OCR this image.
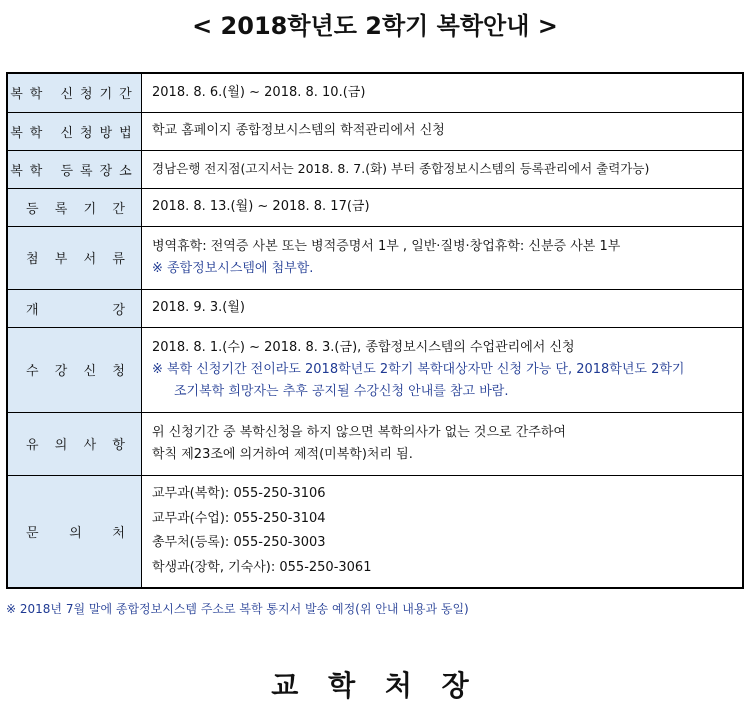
< 2018학년도 2학기 복학안내 >
복학 신청기간	2018. 8. 6.(월) ~ 2018. 8. 10.(금)
복학 신청방법	학교 홈페이지 종합정보시스템의 학적관리에서 신청
복학 등록장소	경남은행 전지점(고지서는 2018. 8. 7.(화) 부터 종합정보시스템의 등록관리에서 출력가능)
등 록 기 간	2018. 8. 13.(월) ~ 2018. 8. 17(금)
첨 부 서 류	병역휴학: 전역증 사본 또는 병적증명서 1부 , 일반·질병·창업휴학: 신분증 사본 1부
※ 종합정보시스템에 첨부함.

개 강	2018. 9. 3.(월)
수 강 신 청	2018. 8. 1.(수) ~ 2018. 8. 3.(금), 종합정보시스템의 수업관리에서 신청
※ 복학 신청기간 전이라도 2018학년도 2학기 복학대상자만 신청 가능 단, 2018학년도 2학기
조기복학 희망자는 추후 공지될 수강신청 안내를 참고 바람.

유 의 사 항	위 신청기간 중 복학신청을 하지 않으면 복학의사가 없는 것으로 간주하여
학칙 제23조에 의거하여 제적(미복학)처리 됨.

문 의 처	교무과(복학): 055-250-3106
교무과(수업): 055-250-3104
총무처(등록): 055-250-3003
학생과(장학, 기숙사): 055-250-3061
※ 2018년 7월 말에 종합정보시스템 주소로 복학 통지서 발송 예정(위 안내 내용과 동일)
교 학 처 장
